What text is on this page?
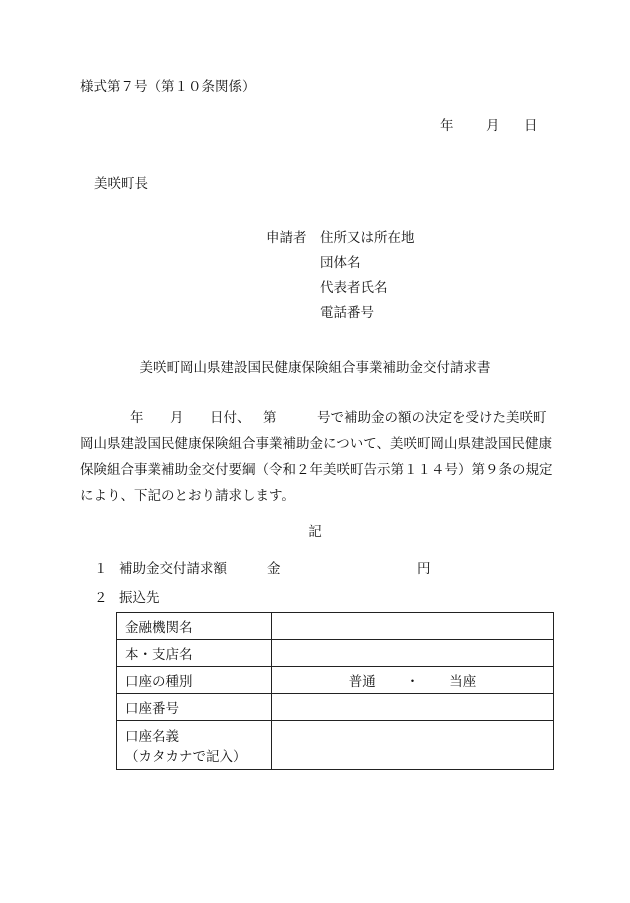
様式第７号（第１０条関係）
年 月 日
美咲町長
申請者 住所又は所在地
団体名
代表者氏名
電話番号
美咲町岡山県建設国民健康保険組合事業補助金交付請求書
年 月 日付、 第	号で補助金の額の決定を受けた美咲町
岡山県建設国民健康保険組合事業補助金について、美咲町岡山県建設国民健康
保険組合事業補助金交付要綱（令和２年美咲町告示第１１４号）第９条の規定
により、下記のとおり請求します。
記
１ 補助金交付請求額	金	円
２ 振込先
金融機関名	
本・支店名	
口座の種別	普通 ・ 当座
口座番号	

口座名義
（カタカナで記入）	
